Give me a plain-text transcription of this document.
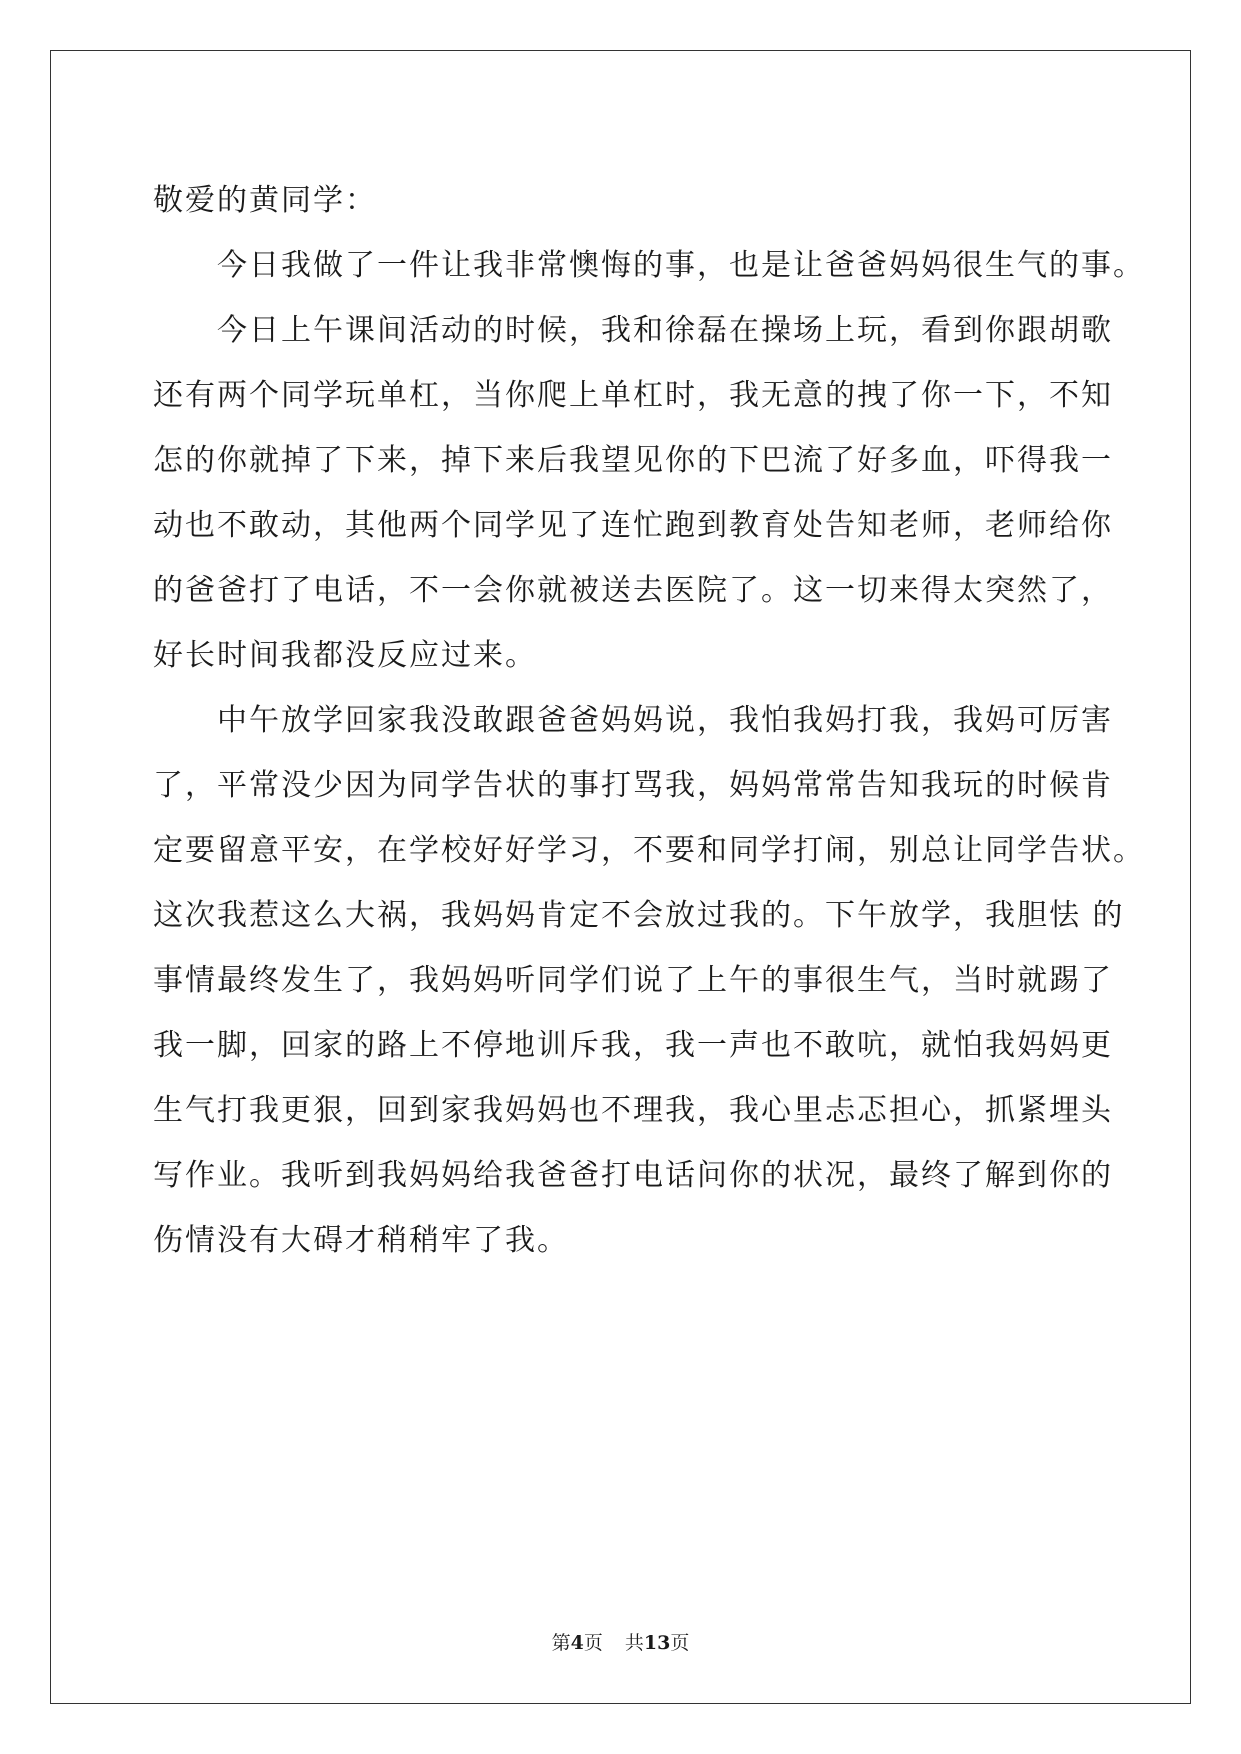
敬爱的黄同学：
今日我做了一件让我非常懊悔的事，也是让爸爸妈妈很生气的事。
今日上午课间活动的时候，我和徐磊在操场上玩，看到你跟胡歌
还有两个同学玩单杠，当你爬上单杠时，我无意的拽了你一下，不知
怎的你就掉了下来，掉下来后我望见你的下巴流了好多血，吓得我一
动也不敢动，其他两个同学见了连忙跑到教育处告知老师，老师给你
的爸爸打了电话，不一会你就被送去医院了。这一切来得太突然了，
好长时间我都没反应过来。
中午放学回家我没敢跟爸爸妈妈说，我怕我妈打我，我妈可厉害
了，平常没少因为同学告状的事打骂我，妈妈常常告知我玩的时候肯
定要留意平安，在学校好好学习，不要和同学打闹，别总让同学告状。
这次我惹这么大祸，我妈妈肯定不会放过我的。下午放学，我胆怯 的
事情最终发生了，我妈妈听同学们说了上午的事很生气，当时就踢了
我一脚，回家的路上不停地训斥我，我一声也不敢吭，就怕我妈妈更
生气打我更狠，回到家我妈妈也不理我，我心里忐忑担心，抓紧埋头
写作业。我听到我妈妈给我爸爸打电话问你的状况，最终了解到你的
伤情没有大碍才稍稍牢了我。
第4页 共13页
